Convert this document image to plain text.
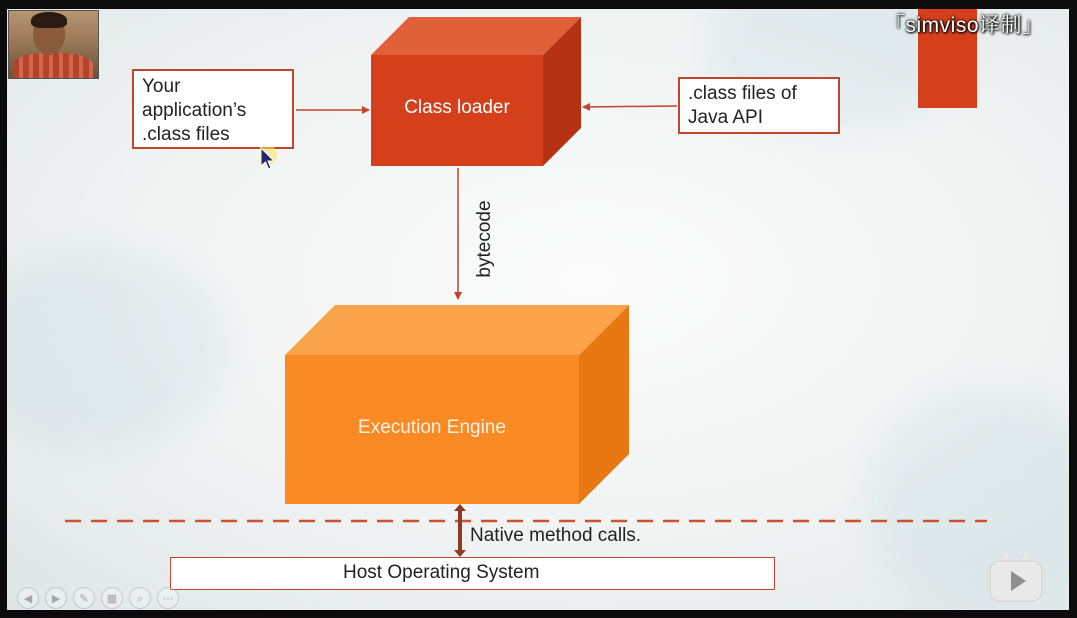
Your
application’s
.class files
.class files of
Java API
Class loader
Execution Engine
bytecode
Native method calls.
Host Operating System
◀	▶	✎	▦	⌕	⋯
「simviso译制」
